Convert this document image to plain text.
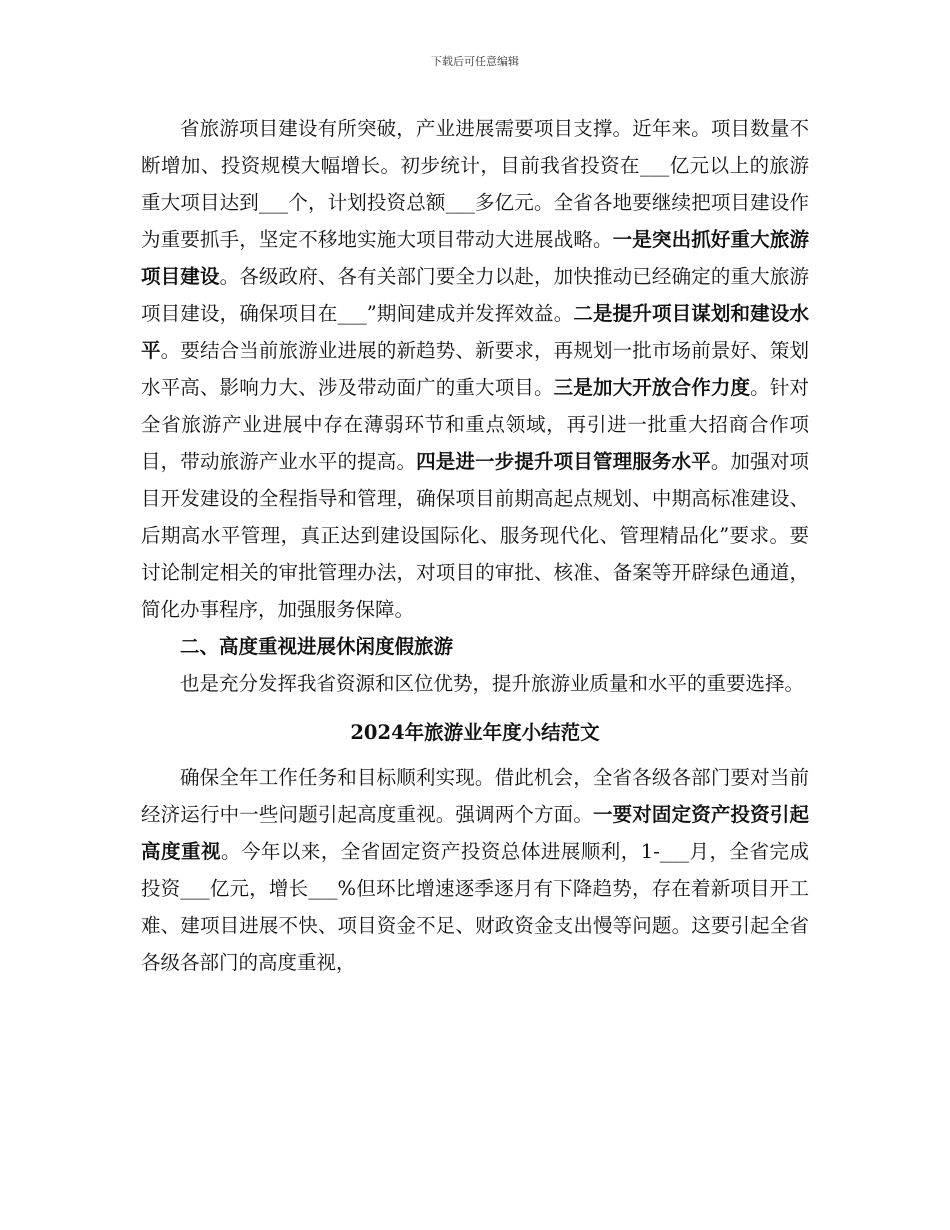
下载后可任意编辑

省旅游项目建设有所突破，产业进展需要项目支撑。近年来。项目数量不断增加、投资规模大幅增长。初步统计，目前我省投资在___亿元以上的旅游重大项目达到___个，计划投资总额___多亿元。全省各地要继续把项目建设作为重要抓手，坚定不移地实施大项目带动大进展战略。一是突出抓好重大旅游项目建设。各级政府、各有关部门要全力以赴，加快推动已经确定的重大旅游项目建设，确保项目在___”期间建成并发挥效益。二是提升项目谋划和建设水平。要结合当前旅游业进展的新趋势、新要求，再规划一批市场前景好、策划水平高、影响力大、涉及带动面广的重大项目。三是加大开放合作力度。针对全省旅游产业进展中存在薄弱环节和重点领域，再引进一批重大招商合作项目，带动旅游产业水平的提高。四是进一步提升项目管理服务水平。加强对项目开发建设的全程指导和管理，确保项目前期高起点规划、中期高标准建设、后期高水平管理，真正达到建设国际化、服务现代化、管理精品化”要求。要讨论制定相关的审批管理办法，对项目的审批、核准、备案等开辟绿色通道，简化办事程序，加强服务保障。

二、高度重视进展休闲度假旅游

也是充分发挥我省资源和区位优势，提升旅游业质量和水平的重要选择。

2024年旅游业年度小结范文

确保全年工作任务和目标顺利实现。借此机会，全省各级各部门要对当前经济运行中一些问题引起高度重视。强调两个方面。一要对固定资产投资引起高度重视。今年以来，全省固定资产投资总体进展顺利，1-___月，全省完成投资___亿元，增长___%但环比增速逐季逐月有下降趋势，存在着新项目开工难、建项目进展不快、项目资金不足、财政资金支出慢等问题。这要引起全省各级各部门的高度重视，
